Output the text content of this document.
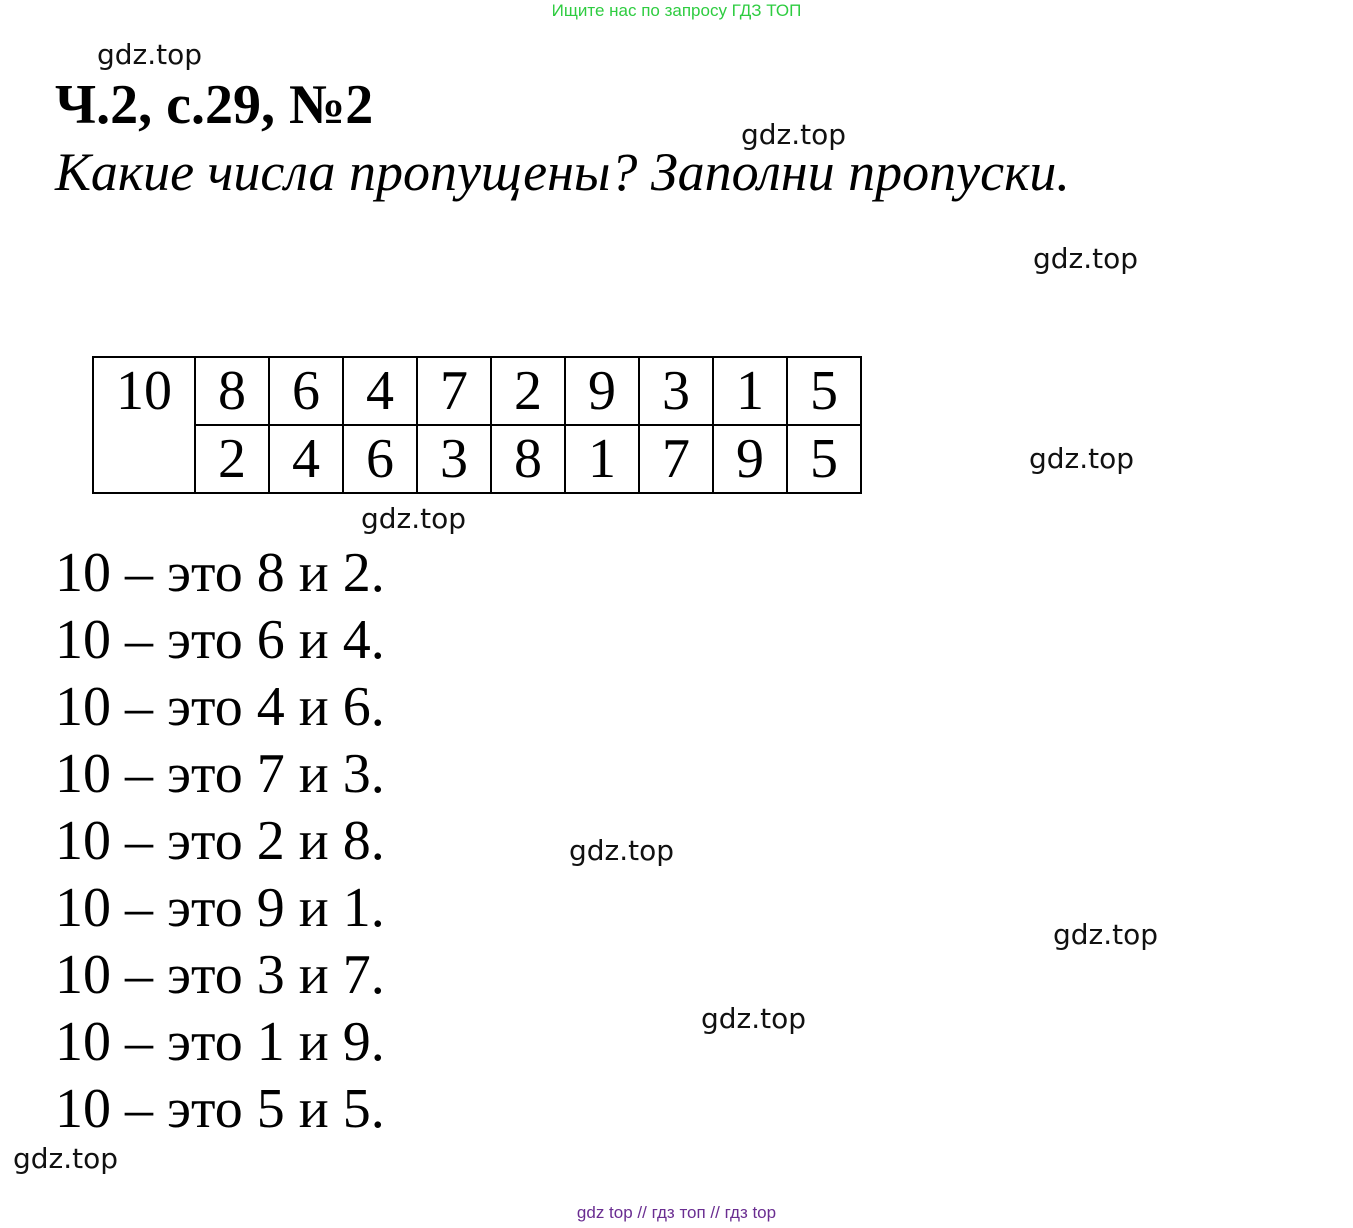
Ищите нас по запросу ГДЗ ТОП
gdz.top
gdz.top
gdz.top
gdz.top
gdz.top
gdz.top
gdz.top
gdz.top
gdz.top
Ч.2, с.29, №2
Какие числа пропущены? Заполни пропуски.
10	8	6	4	7	2	9	3	1	5
	2	4	6	3	8	1	7	9	5
10 – это 8 и 2.
10 – это 6 и 4.
10 – это 4 и 6.
10 – это 7 и 3.
10 – это 2 и 8.
10 – это 9 и 1.
10 – это 3 и 7.
10 – это 1 и 9.
10 – это 5 и 5.
gdz top // гдз топ // гдз top
